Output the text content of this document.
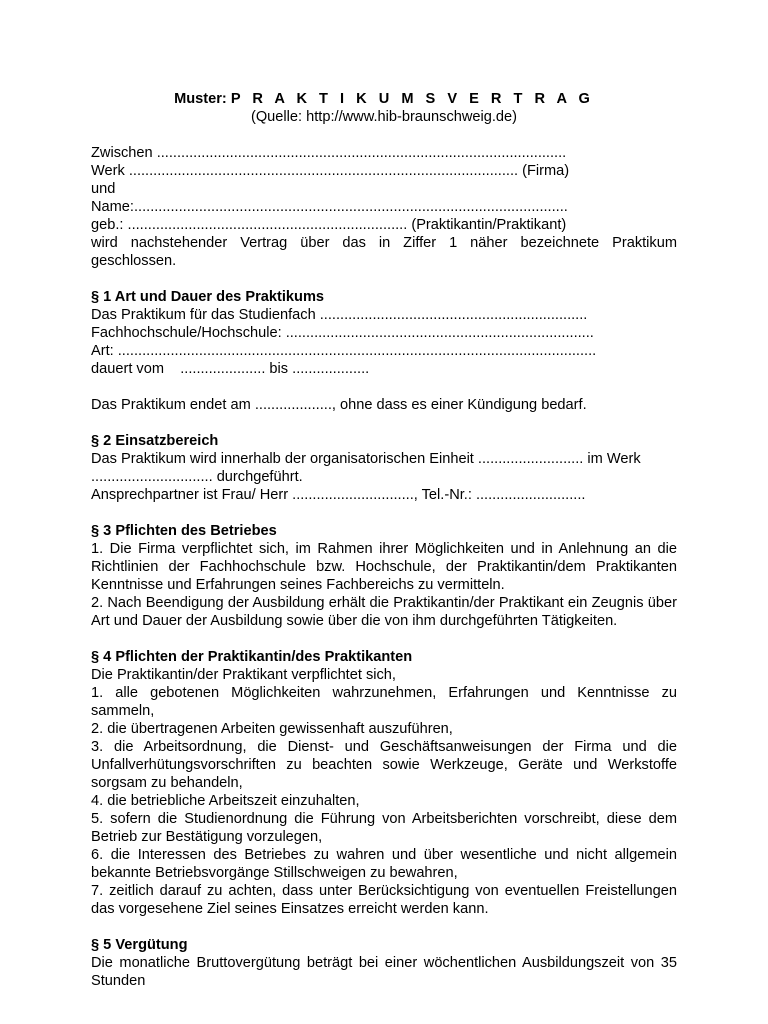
Muster: P R A K T I K U M S V E R T R A G
(Quelle: http://www.hib-braunschweig.de)
Zwischen .....................................................................................................
Werk ................................................................................................ (Firma)
und
Name:...........................................................................................................
geb.: ..................................................................... (Praktikantin/Praktikant)
wird nachstehender Vertrag über das in Ziffer 1 näher bezeichnete Praktikum
geschlossen.
§ 1 Art und Dauer des Praktikums
Das Praktikum für das Studienfach ..................................................................
Fachhochschule/Hochschule: ............................................................................
Art: ......................................................................................................................
dauert vom    ..................... bis ...................
Das Praktikum endet am ..................., ohne dass es einer Kündigung bedarf.
§ 2 Einsatzbereich
Das Praktikum wird innerhalb der organisatorischen Einheit .......................... im Werk
.............................. durchgeführt.
Ansprechpartner ist Frau/ Herr .............................., Tel.-Nr.: ...........................
§ 3 Pflichten des Betriebes
1. Die Firma verpflichtet sich, im Rahmen ihrer Möglichkeiten und in Anlehnung an die Richtlinien der Fachhochschule bzw. Hochschule, der Praktikantin/dem Praktikanten Kenntnisse und Erfahrungen seines Fachbereichs zu vermitteln.
2. Nach Beendigung der Ausbildung erhält die Praktikantin/der Praktikant ein Zeugnis über Art und Dauer der Ausbildung sowie über die von ihm durchgeführten Tätigkeiten.
§ 4 Pflichten der Praktikantin/des Praktikanten
Die Praktikantin/der Praktikant verpflichtet sich,
1. alle gebotenen Möglichkeiten wahrzunehmen, Erfahrungen und Kenntnisse zu sammeln,
2. die übertragenen Arbeiten gewissenhaft auszuführen,
3. die Arbeitsordnung, die Dienst- und Geschäftsanweisungen der Firma und die Unfallverhütungsvorschriften zu beachten sowie Werkzeuge, Geräte und Werkstoffe sorgsam zu behandeln,
4. die betriebliche Arbeitszeit einzuhalten,
5. sofern die Studienordnung die Führung von Arbeitsberichten vorschreibt, diese dem Betrieb zur Bestätigung vorzulegen,
6. die Interessen des Betriebes zu wahren und über wesentliche und nicht allgemein bekannte Betriebsvorgänge Stillschweigen zu bewahren,
7. zeitlich darauf zu achten, dass unter Berücksichtigung von eventuellen Freistellungen das vorgesehene Ziel seines Einsatzes erreicht werden kann.
§ 5 Vergütung
Die monatliche Bruttovergütung beträgt bei einer wöchentlichen Ausbildungszeit von 35 Stunden
